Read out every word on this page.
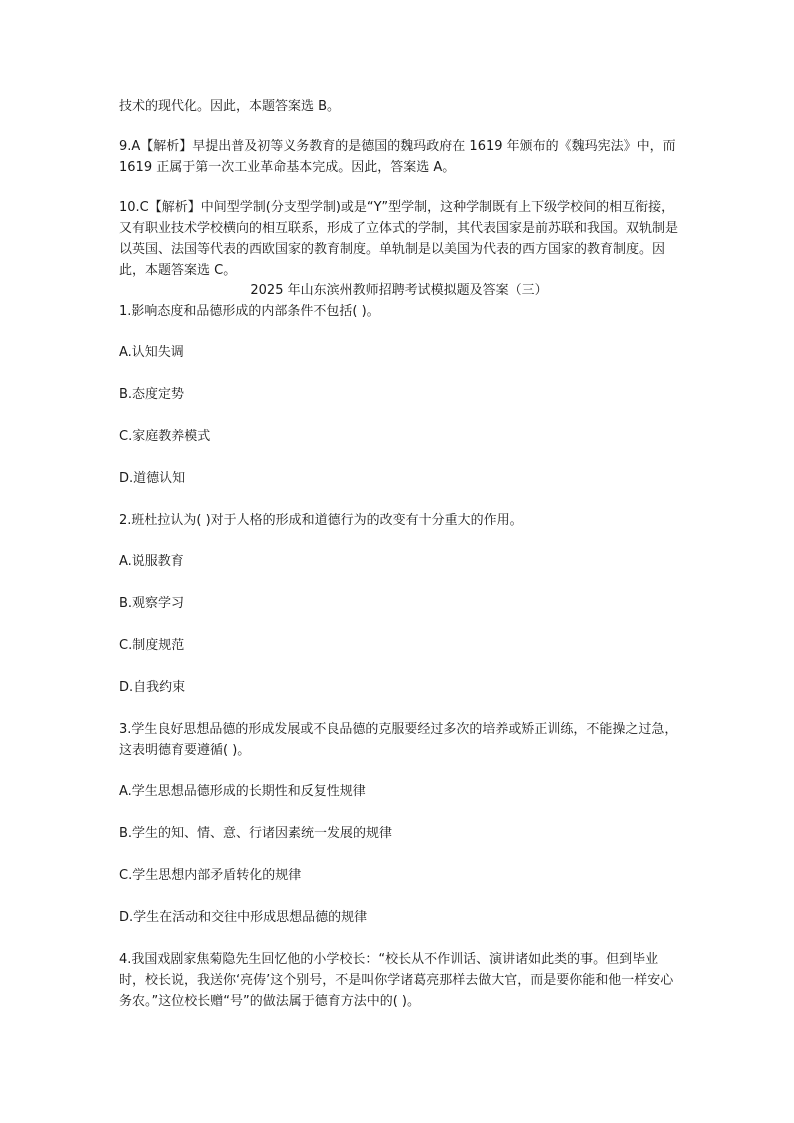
技术的现代化。因此，本题答案选 B。

9.A【解析】早提出普及初等义务教育的是德国的魏玛政府在 1619 年颁布的《魏玛宪法》中，而 1619 正属于第一次工业革命基本完成。因此，答案选 A。

10.C【解析】中间型学制(分支型学制)或是“Y”型学制，这种学制既有上下级学校间的相互衔接，又有职业技术学校横向的相互联系，形成了立体式的学制，其代表国家是前苏联和我国。双轨制是以英国、法国等代表的西欧国家的教育制度。单轨制是以美国为代表的西方国家的教育制度。因此，本题答案选 C。

2025 年山东滨州教师招聘考试模拟题及答案（三）

1.影响态度和品德形成的内部条件不包括( )。

A.认知失调

B.态度定势

C.家庭教养模式

D.道德认知

2.班杜拉认为( )对于人格的形成和道德行为的改变有十分重大的作用。

A.说服教育

B.观察学习

C.制度规范

D.自我约束

3.学生良好思想品德的形成发展或不良品德的克服要经过多次的培养或矫正训练，不能操之过急，这表明德育要遵循( )。

A.学生思想品德形成的长期性和反复性规律

B.学生的知、情、意、行诸因素统一发展的规律

C.学生思想内部矛盾转化的规律

D.学生在活动和交往中形成思想品德的规律

4.我国戏剧家焦菊隐先生回忆他的小学校长：“校长从不作训话、演讲诸如此类的事。但到毕业时，校长说，我送你‘亮俦’这个别号，不是叫你学诸葛亮那样去做大官，而是要你能和他一样安心务农。”这位校长赠“号”的做法属于德育方法中的( )。
